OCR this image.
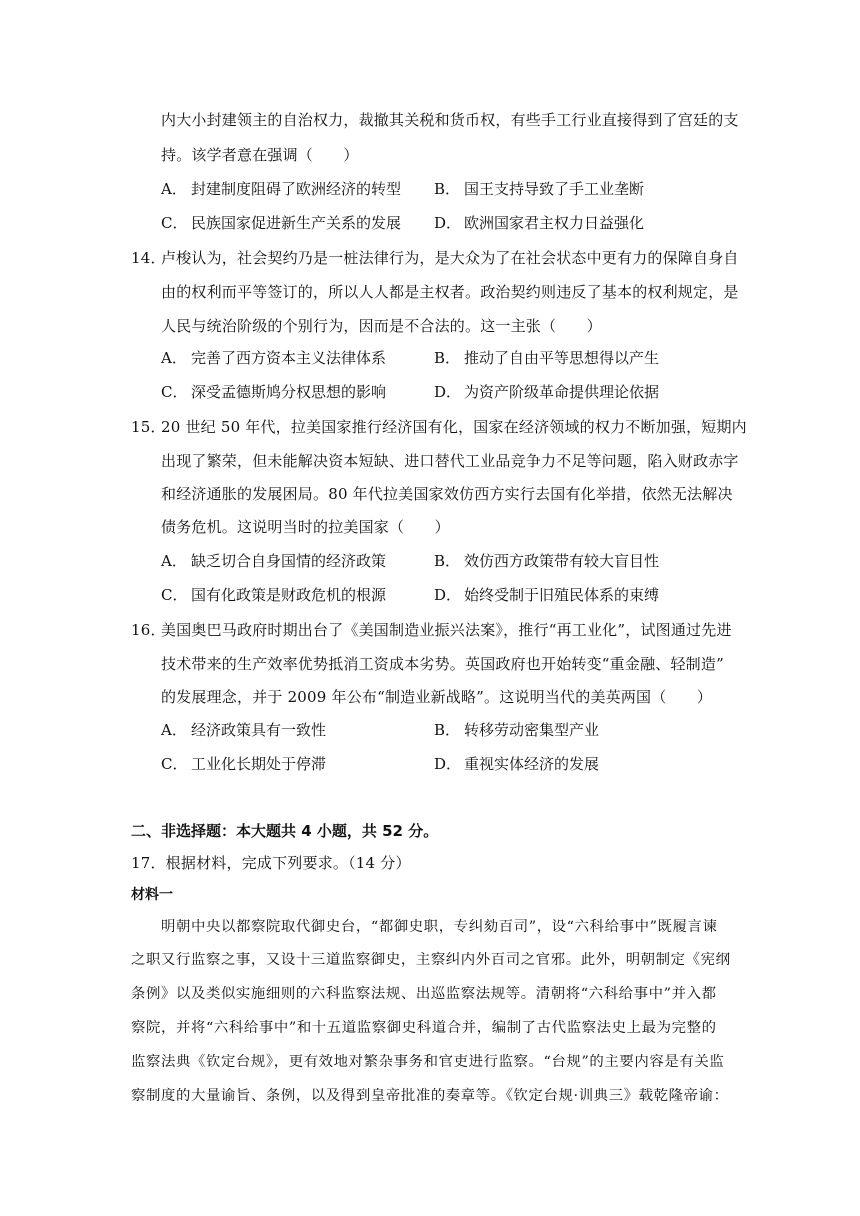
内大小封建领主的自治权力，裁撤其关税和货币权，有些手工行业直接得到了宫廷的支
持。该学者意在强调（　　）
A． 封建制度阻碍了欧洲经济的转型 B． 国王支持导致了手工业垄断
C． 民族国家促进新生产关系的发展 D． 欧洲国家君主权力日益强化
14．
卢梭认为，社会契约乃是一桩法律行为，是大众为了在社会状态中更有力的保障自身自
由的权利而平等签订的，所以人人都是主权者。政治契约则违反了基本的权利规定，是
人民与统治阶级的个别行为，因而是不合法的。这一主张（　　）
A． 完善了西方资本主义法律体系	B． 推动了自由平等思想得以产生
C． 深受孟德斯鸠分权思想的影响	D． 为资产阶级革命提供理论依据
15．
20 世纪 50 年代，拉美国家推行经济国有化，国家在经济领域的权力不断加强，短期内
出现了繁荣，但未能解决资本短缺、进口替代工业品竞争力不足等问题，陷入财政赤字
和经济通胀的发展困局。80 年代拉美国家效仿西方实行去国有化举措，依然无法解决
债务危机。这说明当时的拉美国家（　　）
A． 缺乏切合自身国情的经济政策	B． 效仿西方政策带有较大盲目性
C． 国有化政策是财政危机的根源	D． 始终受制于旧殖民体系的束缚
16．
美国奥巴马政府时期出台了《美国制造业振兴法案》，推行“再工业化”，试图通过先进
技术带来的生产效率优势抵消工资成本劣势。英国政府也开始转变“重金融、轻制造”
的发展理念，并于 2009 年公布“制造业新战略”。这说明当代的美英两国（　　）
A． 经济政策具有一致性	B． 转移劳动密集型产业
C． 工业化长期处于停滞	D． 重视实体经济的发展
二、非选择题：本大题共 4 小题，共 52 分。
17．根据材料，完成下列要求。（14 分）
材料一
明朝中央以都察院取代御史台，“都御史职，专纠劾百司”，设“六科给事中”既履言谏
之职又行监察之事，又设十三道监察御史，主察纠内外百司之官邪。此外，明朝制定《宪纲
条例》以及类似实施细则的六科监察法规、出巡监察法规等。清朝将“六科给事中”并入都
察院，并将“六科给事中”和十五道监察御史科道合并，编制了古代监察法史上最为完整的
监察法典《钦定台规》，更有效地对繁杂事务和官吏进行监察。“台规”的主要内容是有关监
察制度的大量谕旨、条例，以及得到皇帝批准的奏章等。《钦定台规·训典三》载乾隆帝谕：
